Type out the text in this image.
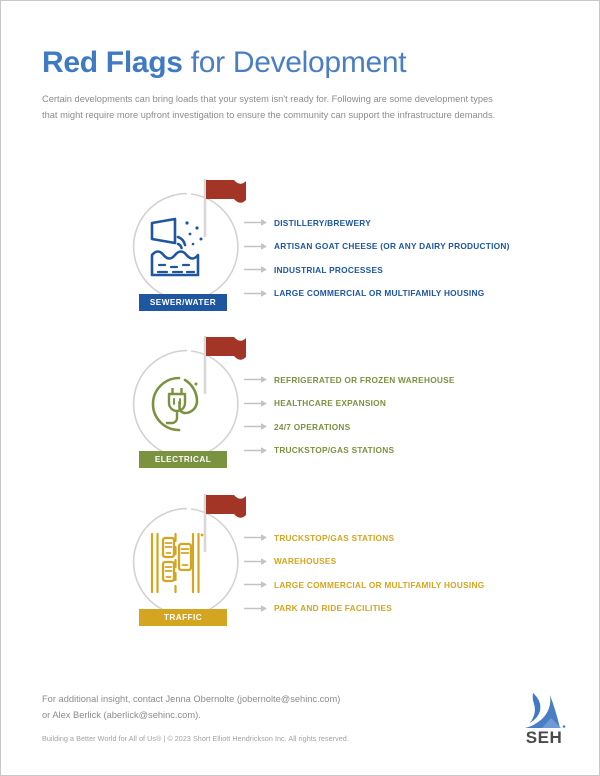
Red Flags for Development

Certain developments can bring loads that your system isn't ready for. Following are some development types that might require more upfront investigation to ensure the community can support the infrastructure demands.

SEWER/WATER
DISTILLERY/BREWERY
ARTISAN GOAT CHEESE (OR ANY DAIRY PRODUCTION)
INDUSTRIAL PROCESSES
LARGE COMMERCIAL OR MULTIFAMILY HOUSING
ELECTRICAL
REFRIGERATED OR FROZEN WAREHOUSE
HEALTHCARE EXPANSION
24/7 OPERATIONS
TRUCKSTOP/GAS STATIONS
TRAFFIC
TRUCKSTOP/GAS STATIONS
WAREHOUSES
LARGE COMMERCIAL OR MULTIFAMILY HOUSING
PARK AND RIDE FACILITIES

For additional insight, contact Jenna Obernolte (jobernolte@sehinc.com)

or Alex Berlick (aberlick@sehinc.com).

Building a Better World for All of Us® | © 2023 Short Elliott Hendrickson Inc. All rights reserved.	SEH
